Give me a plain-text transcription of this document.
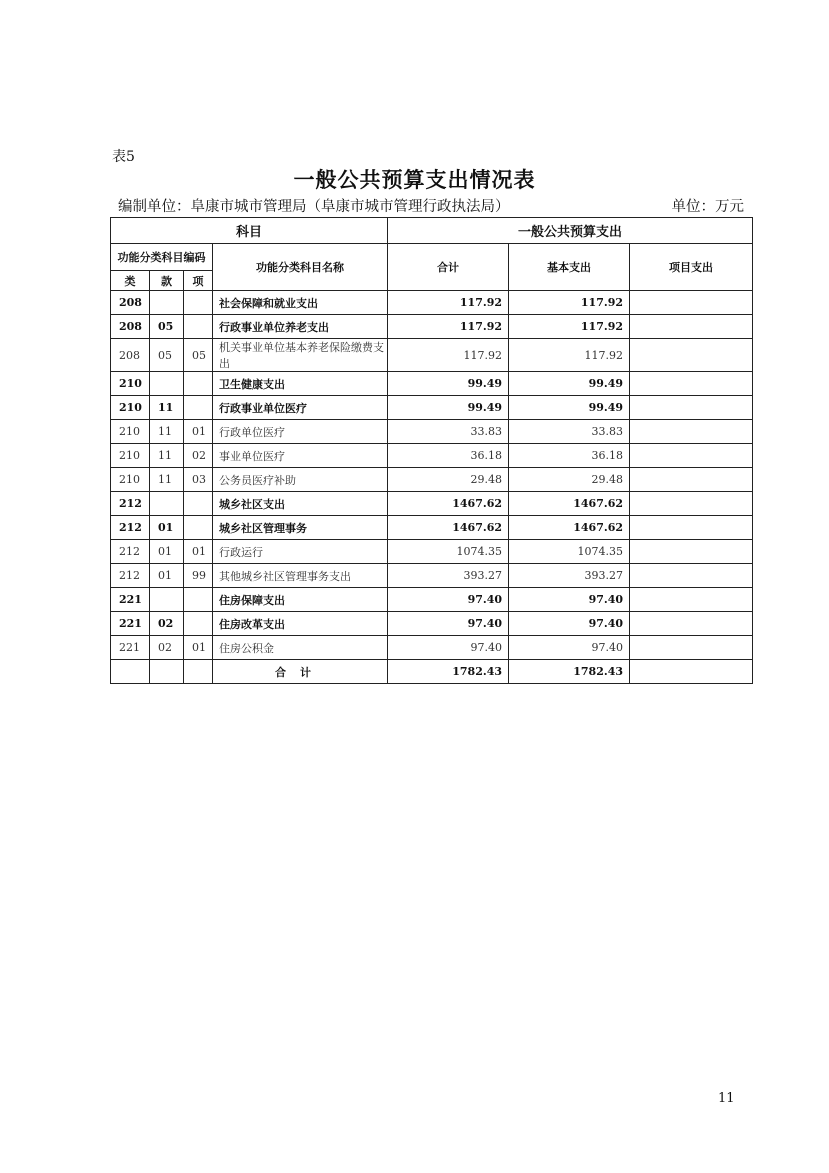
表5
一般公共预算支出情况表
编制单位：阜康市城市管理局（阜康市城市管理行政执法局）	单位：万元
科目				一般公共预算支出		
功能分类科目编码			功能分类科目名称	合计	基本支出	项目支出
类	款	项				
208			社会保障和就业支出	117.92	117.92	
208	05		行政事业单位养老支出	117.92	117.92	
208	05	05	机关事业单位基本养老保险缴费支出	117.92	117.92	
210			卫生健康支出	99.49	99.49	
210	11		行政事业单位医疗	99.49	99.49	
210	11	01	行政单位医疗	33.83	33.83	
210	11	02	事业单位医疗	36.18	36.18	
210	11	03	公务员医疗补助	29.48	29.48	
212			城乡社区支出	1467.62	1467.62	
212	01		城乡社区管理事务	1467.62	1467.62	
212	01	01	行政运行	1074.35	1074.35	
212	01	99	其他城乡社区管理事务支出	393.27	393.27	
221			住房保障支出	97.40	97.40	
221	02		住房改革支出	97.40	97.40	
221	02	01	住房公积金	97.40	97.40	
			合计	1782.43	1782.43	
11
